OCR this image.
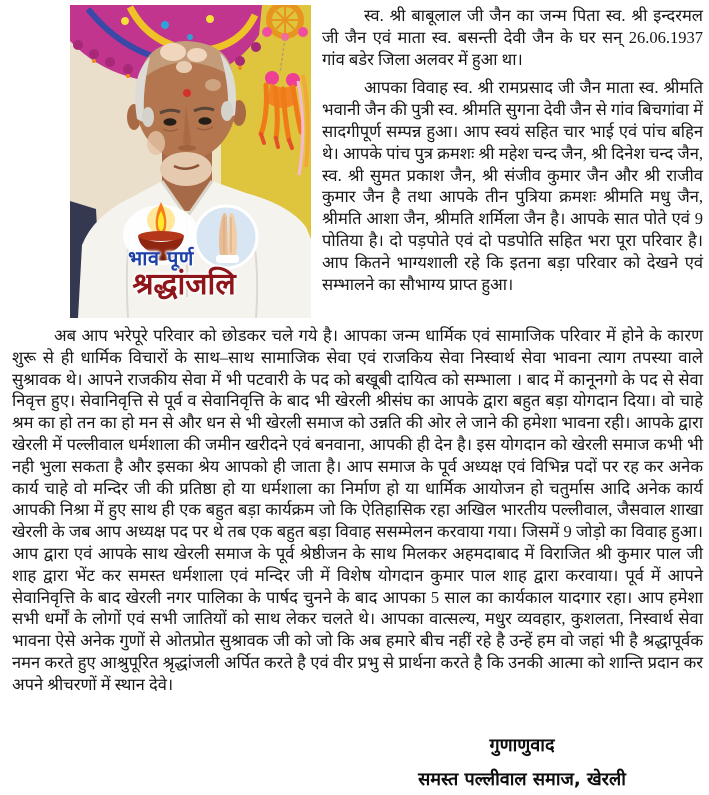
भाव पूर्ण
श्रद्धांजलि

स्व. श्री बाबूलाल जी जैन का जन्म पिता स्व. श्री इन्दरमल जी जैन एवं माता स्व. बसन्ती देवी जैन के घर सन् 26.06.1937 गांव बडेर जिला अलवर में हुआ था।

आपका विवाह स्व. श्री रामप्रसाद जी जैन माता स्व. श्रीमति भवानी जैन की पुत्री स्व. श्रीमति सुगना देवी जैन से गांव बिचगांवा में सादगीपूर्ण सम्पन्न हुआ। आप स्वयं सहित चार भाई एवं पांच बहिन थे। आपके पांच पुत्र क्रमशः श्री महेश चन्द जैन, श्री दिनेश चन्द जैन, स्व. श्री सुमत प्रकाश जैन, श्री संजीव कुमार जैन और श्री राजीव कुमार जैन है तथा आपके तीन पुत्रिया क्रमशः श्रीमति मधु जैन, श्रीमति आशा जैन, श्रीमति शर्मिला जैन है। आपके सात पोते एवं 9 पोतिया है। दो पड़पोते एवं दो पडपोति सहित भरा पूरा परिवार है। आप कितने भाग्यशाली रहे कि इतना बड़ा परिवार को देखने एवं सम्भालने का सौभाग्य प्राप्त हुआ।

अब आप भरेपूरे परिवार को छोडकर चले गये है। आपका जन्म धार्मिक एवं सामाजिक परिवार में होने के कारण शुरू से ही धार्मिक विचारों के साथ–साथ सामाजिक सेवा एवं राजकिय सेवा निस्वार्थ सेवा भावना त्याग तपस्या वाले सुश्रावक थे। आपने राजकीय सेवा में भी पटवारी के पद को बखूबी दायित्व को सम्भाला । बाद में कानूनगो के पद से सेवा निवृत्त हुए। सेवानिवृत्ति से पूर्व व सेवानिवृत्ति के बाद भी खेरली श्रीसंघ का आपके द्वारा बहुत बड़ा योगदान दिया। वो चाहे श्रम का हो तन का हो मन से और धन से भी खेरली समाज को उन्नति की ओर ले जाने की हमेशा भावना रही। आपके द्वारा खेरली में पल्लीवाल धर्मशाला की जमीन खरीदने एवं बनवाना, आपकी ही देन है। इस योगदान को खेरली समाज कभी भी नही भुला सकता है और इसका श्रेय आपको ही जाता है। आप समाज के पूर्व अध्यक्ष एवं विभिन्न पदों पर रह कर अनेक कार्य चाहे वो मन्दिर जी की प्रतिष्ठा हो या धर्मशाला का निर्माण हो या धार्मिक आयोजन हो चतुर्मास आदि अनेक कार्य आपकी निश्रा में हुए साथ ही एक बहुत बड़ा कार्यक्रम जो कि ऐतिहासिक रहा अखिल भारतीय पल्लीवाल, जैसवाल शाखा खेरली के जब आप अध्यक्ष पद पर थे तब एक बहुत बड़ा विवाह ससम्मेलन करवाया गया। जिसमें 9 जोड़ो का विवाह हुआ। आप द्वारा एवं आपके साथ खेरली समाज के पूर्व श्रेष्ठीजन के साथ मिलकर अहमदाबाद में विराजित श्री कुमार पाल जी शाह द्वारा भेंट कर समस्त धर्मशाला एवं मन्दिर जी में विशेष योगदान कुमार पाल शाह द्वारा करवाया। पूर्व में आपने सेवानिवृत्ति के बाद खेरली नगर पालिका के पार्षद चुनने के बाद आपका 5 साल का कार्यकाल यादगार रहा। आप हमेशा सभी धर्मों के लोगों एवं सभी जातियों को साथ लेकर चलते थे। आपका वात्सल्य, मधुर व्यवहार, कुशलता, निस्वार्थ सेवा भावना ऐसे अनेक गुणों से ओतप्रोत सुश्रावक जी को जो कि अब हमारे बीच नहीं रहे है उन्हें हम वो जहां भी है श्रद्धापूर्वक नमन करते हुए आश्रुपूरित श्रृद्धांजली अर्पित करते है एवं वीर प्रभु से प्रार्थना करते है कि उनकी आत्मा को शान्ति प्रदान कर अपने श्रीचरणों में स्थान देवे।

गुणाणुवाद
समस्त पल्लीवाल समाज, खेरली
